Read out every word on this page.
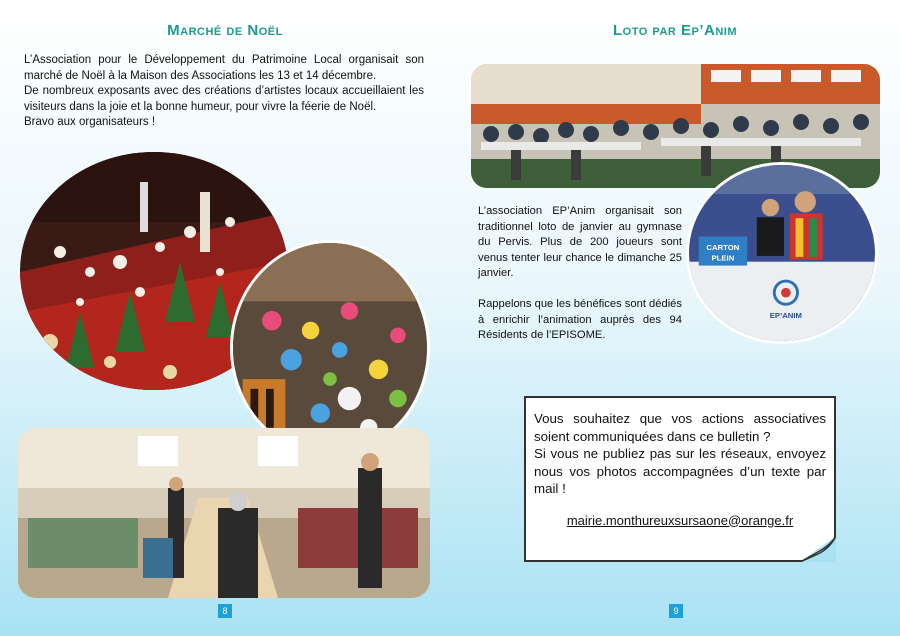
Marché de Noël

L’Association pour le Développement du Patrimoine Local organisait son marché de Noël à la Maison des Associations les 13 et 14 décembre.

De nombreux exposants avec des créations d’artistes locaux accueillaient les visiteurs dans la joie et la bonne humeur, pour vivre la féerie de Noël.

Bravo aux organisateurs !

8
Loto par Ep’Anim
CARTON
PLEIN
EP’ANIM

L’association EP’Anim organisait son traditionnel loto de janvier au gymnase du Pervis. Plus de 200 joueurs sont venus tenter leur chance le dimanche 25 janvier.

Rappelons que les bénéfices sont dédiés à enrichir l’animation auprès des 94 Résidents de l’EPISOME.

Vous souhaitez que vos actions associatives soient communiquées dans ce bulletin ?

Si vous ne publiez pas sur les réseaux, envoyez nous vos photos accompagnées d’un texte par mail !

mairie.monthureuxsursaone@orange.fr
9
